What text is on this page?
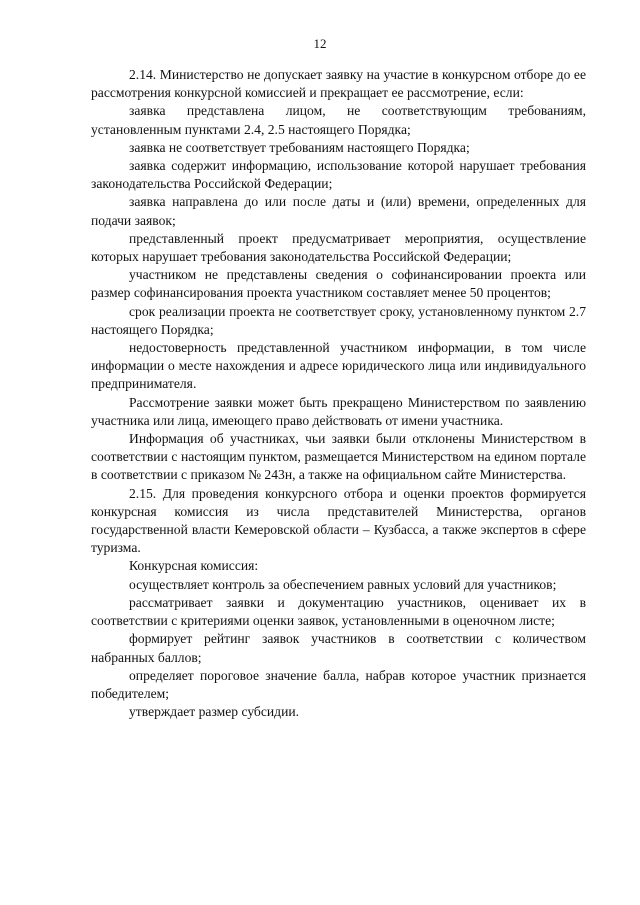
12

2.14. Министерство не допускает заявку на участие в конкурсном отборе до ее рассмотрения конкурсной комиссией и прекращает ее рассмотрение, если:

заявка представлена лицом, не соответствующим требованиям, установленным пунктами 2.4, 2.5 настоящего Порядка;

заявка не соответствует требованиям настоящего Порядка;

заявка содержит информацию, использование которой нарушает требования законодательства Российской Федерации;

заявка направлена до или после даты и (или) времени, определенных для подачи заявок;

представленный проект предусматривает мероприятия, осуществление которых нарушает требования законодательства Российской Федерации;

участником не представлены сведения о софинансировании проекта или размер софинансирования проекта участником составляет менее 50 процентов;

срок реализации проекта не соответствует сроку, установленному пунктом 2.7 настоящего Порядка;

недостоверность представленной участником информации, в том числе информации о месте нахождения и адресе юридического лица или индивидуального предпринимателя.

Рассмотрение заявки может быть прекращено Министерством по заявлению участника или лица, имеющего право действовать от имени участника.

Информация об участниках, чьи заявки были отклонены Министерством в соответствии с настоящим пунктом, размещается Министерством на едином портале в соответствии с приказом № 243н, а также на официальном сайте Министерства.

2.15. Для проведения конкурсного отбора и оценки проектов формируется конкурсная комиссия из числа представителей Министерства, органов государственной власти Кемеровской области – Кузбасса, а также экспертов в сфере туризма.

Конкурсная комиссия:

осуществляет контроль за обеспечением равных условий для участников;

рассматривает заявки и документацию участников, оценивает их в соответствии с критериями оценки заявок, установленными в оценочном листе;

формирует рейтинг заявок участников в соответствии с количеством набранных баллов;

определяет пороговое значение балла, набрав которое участник признается победителем;

утверждает размер субсидии.
